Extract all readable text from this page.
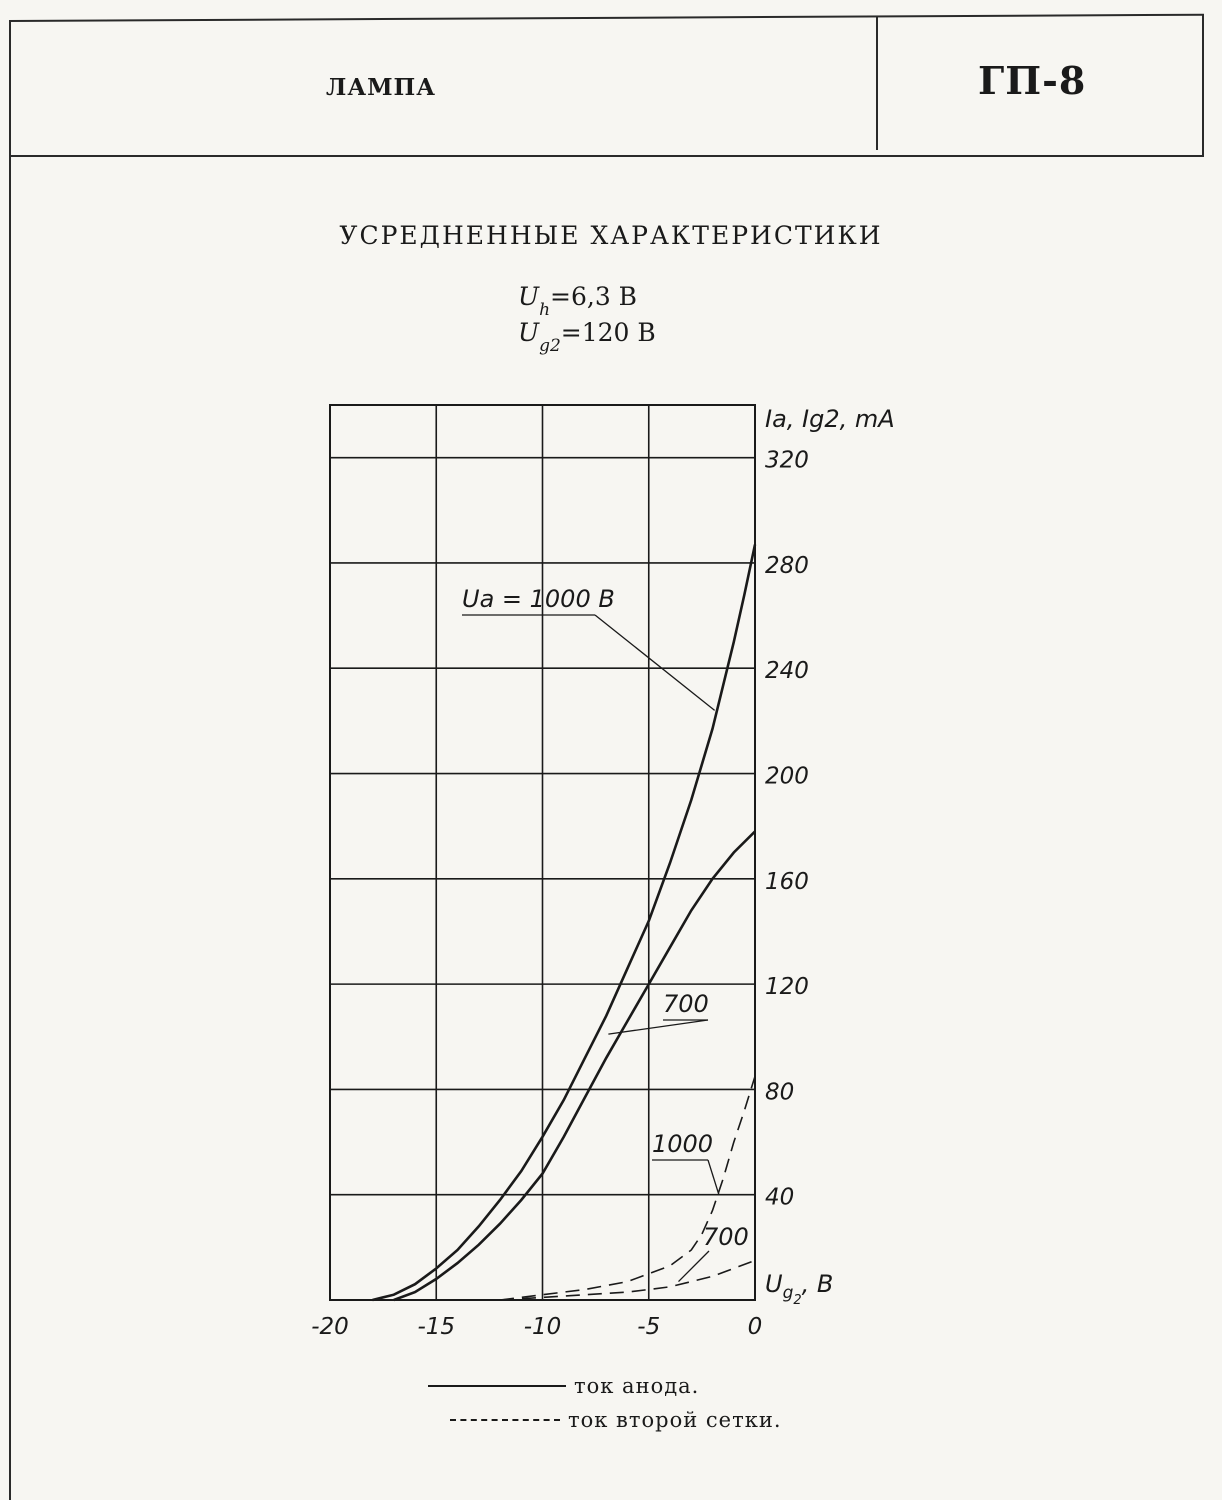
ЛАМПА	ГП-8
УСРЕДНЕННЫЕ ХАРАКТЕРИСТИКИ
$U_h=6,3$ В
$U_{g2}=120$ В
-20	-15	-10	-5	0
40
80
120
160
200
240
280
320
Ia, Ig2, mA
$U_{g2}$, B
Ua = 1000 B
700
1000
700
ток анода.
ток второй сетки.
